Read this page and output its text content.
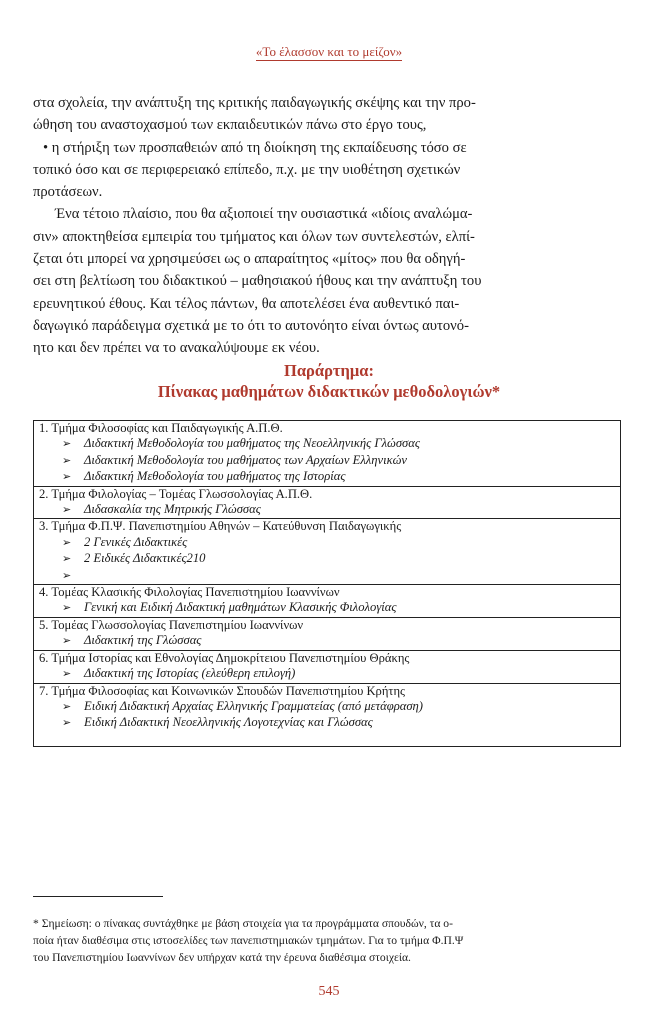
«Το έλασσον και το μείζον»

στα σχολεία, την ανάπτυξη της κριτικής παιδαγωγικής σκέψης και την προ-
ώθηση του αναστοχασμού των εκπαιδευτικών πάνω στο έργο τους,

• η στήριξη των προσπαθειών από τη διοίκηση της εκπαίδευσης τόσο σε
τοπικό όσο και σε περιφερειακό επίπεδο, π.χ. με την υιοθέτηση σχετικών
προτάσεων.

Ένα τέτοιο πλαίσιο, που θα αξιοποιεί την ουσιαστικά «ιδίοις αναλώμα-
σιν» αποκτηθείσα εμπειρία του τμήματος και όλων των συντελεστών, ελπί-
ζεται ότι μπορεί να χρησιμεύσει ως ο απαραίτητος «μίτος» που θα οδηγή-
σει στη βελτίωση του διδακτικού – μαθησιακού ήθους και την ανάπτυξη του
ερευνητικού έθους. Και τέλος πάντων, θα αποτελέσει ένα αυθεντικό παι-
δαγωγικό παράδειγμα σχετικά με το ότι το αυτονόητο είναι όντως αυτονό-
ητο και δεν πρέπει να το ανακαλύψουμε εκ νέου.

Παράρτημα:
Πίνακας μαθημάτων διδακτικών μεθοδολογιών*
1. Τμήμα Φιλοσοφίας και Παιδαγωγικής Α.Π.Θ.
➢ Διδακτική Μεθοδολογία του μαθήματος της Νεοελληνικής Γλώσσας
➢ Διδακτική Μεθοδολογία του μαθήματος των Αρχαίων Ελληνικών
➢ Διδακτική Μεθοδολογία του μαθήματος της Ιστορίας
2. Τμήμα Φιλολογίας – Τομέας Γλωσσολογίας Α.Π.Θ.
➢ Διδασκαλία της Μητρικής Γλώσσας
3. Τμήμα Φ.Π.Ψ. Πανεπιστημίου Αθηνών – Κατεύθυνση Παιδαγωγικής
➢ 2 Γενικές Διδακτικές
➢ 2 Ειδικές Διδακτικές210
➢
4. Τομέας Κλασικής Φιλολογίας Πανεπιστημίου Ιωαννίνων
➢ Γενική και Ειδική Διδακτική μαθημάτων Κλασικής Φιλολογίας
5. Τομέας Γλωσσολογίας Πανεπιστημίου Ιωαννίνων
➢ Διδακτική της Γλώσσας
6. Τμήμα Ιστορίας και Εθνολογίας Δημοκρίτειου Πανεπιστημίου Θράκης
➢ Διδακτική της Ιστορίας (ελεύθερη επιλογή)
7. Τμήμα Φιλοσοφίας και Κοινωνικών Σπουδών Πανεπιστημίου Κρήτης
➢ Ειδική Διδακτική Αρχαίας Ελληνικής Γραμματείας (από μετάφραση)
➢ Ειδική Διδακτική Νεοελληνικής Λογοτεχνίας και Γλώσσας

* Σημείωση: ο πίνακας συντάχθηκε με βάση στοιχεία για τα προγράμματα σπουδών, τα ο-
ποία ήταν διαθέσιμα στις ιστοσελίδες των πανεπιστημιακών τμημάτων. Για το τμήμα Φ.Π.Ψ
του Πανεπιστημίου Ιωαννίνων δεν υπήρχαν κατά την έρευνα διαθέσιμα στοιχεία.
545
